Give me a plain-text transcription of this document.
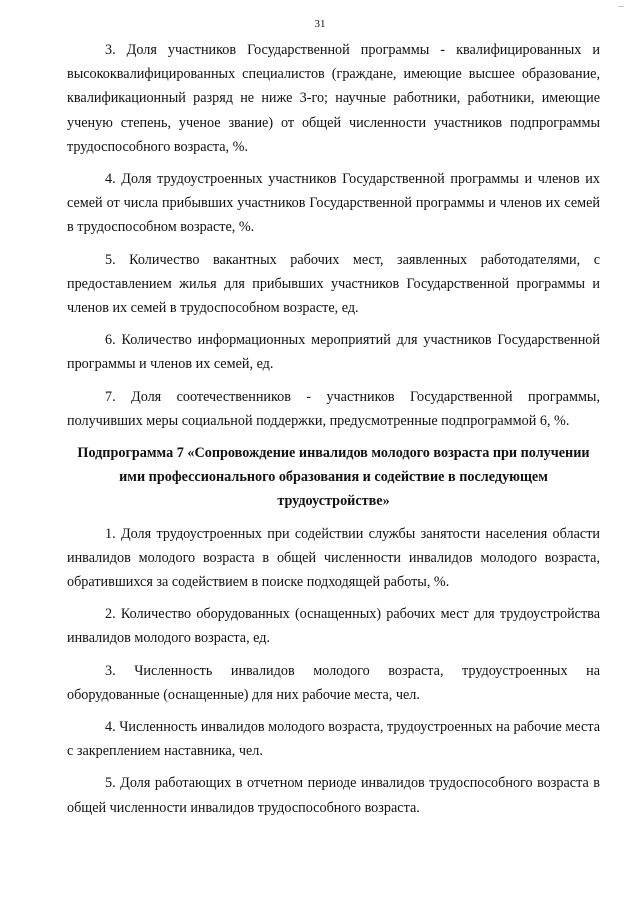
...
31

3. Доля участников Государственной программы - квалифицированных и высококвалифицированных специалистов (граждане, имеющие высшее образование, квалификационный разряд не ниже 3-го; научные работники, работники, имеющие ученую степень, ученое звание) от общей численности участников подпрограммы трудоспособного возраста, %.

4. Доля трудоустроенных участников Государственной программы и членов их семей от числа прибывших участников Государственной программы и членов их семей в трудоспособном возрасте, %.

5. Количество вакантных рабочих мест, заявленных работодателями, с предоставлением жилья для прибывших участников Государственной программы и членов их семей в трудоспособном возрасте, ед.

6. Количество информационных мероприятий для участников Государственной программы и членов их семей, ед.

7. Доля соотечественников - участников Государственной программы, получивших меры социальной поддержки, предусмотренные подпрограммой 6, %.

Подпрограмма 7 «Сопровождение инвалидов молодого возраста при получении ими профессионального образования и содействие в последующем трудоустройстве»

1. Доля трудоустроенных при содействии службы занятости населения области инвалидов молодого возраста в общей численности инвалидов молодого возраста, обратившихся за содействием в поиске подходящей работы, %.

2. Количество оборудованных (оснащенных) рабочих мест для трудоустройства инвалидов молодого возраста, ед.

3. Численность инвалидов молодого возраста, трудоустроенных на оборудованные (оснащенные) для них рабочие места, чел.

4. Численность инвалидов молодого возраста, трудоустроенных на рабочие места с закреплением наставника, чел.

5. Доля работающих в отчетном периоде инвалидов трудоспособного возраста в общей численности инвалидов трудоспособного возраста.
